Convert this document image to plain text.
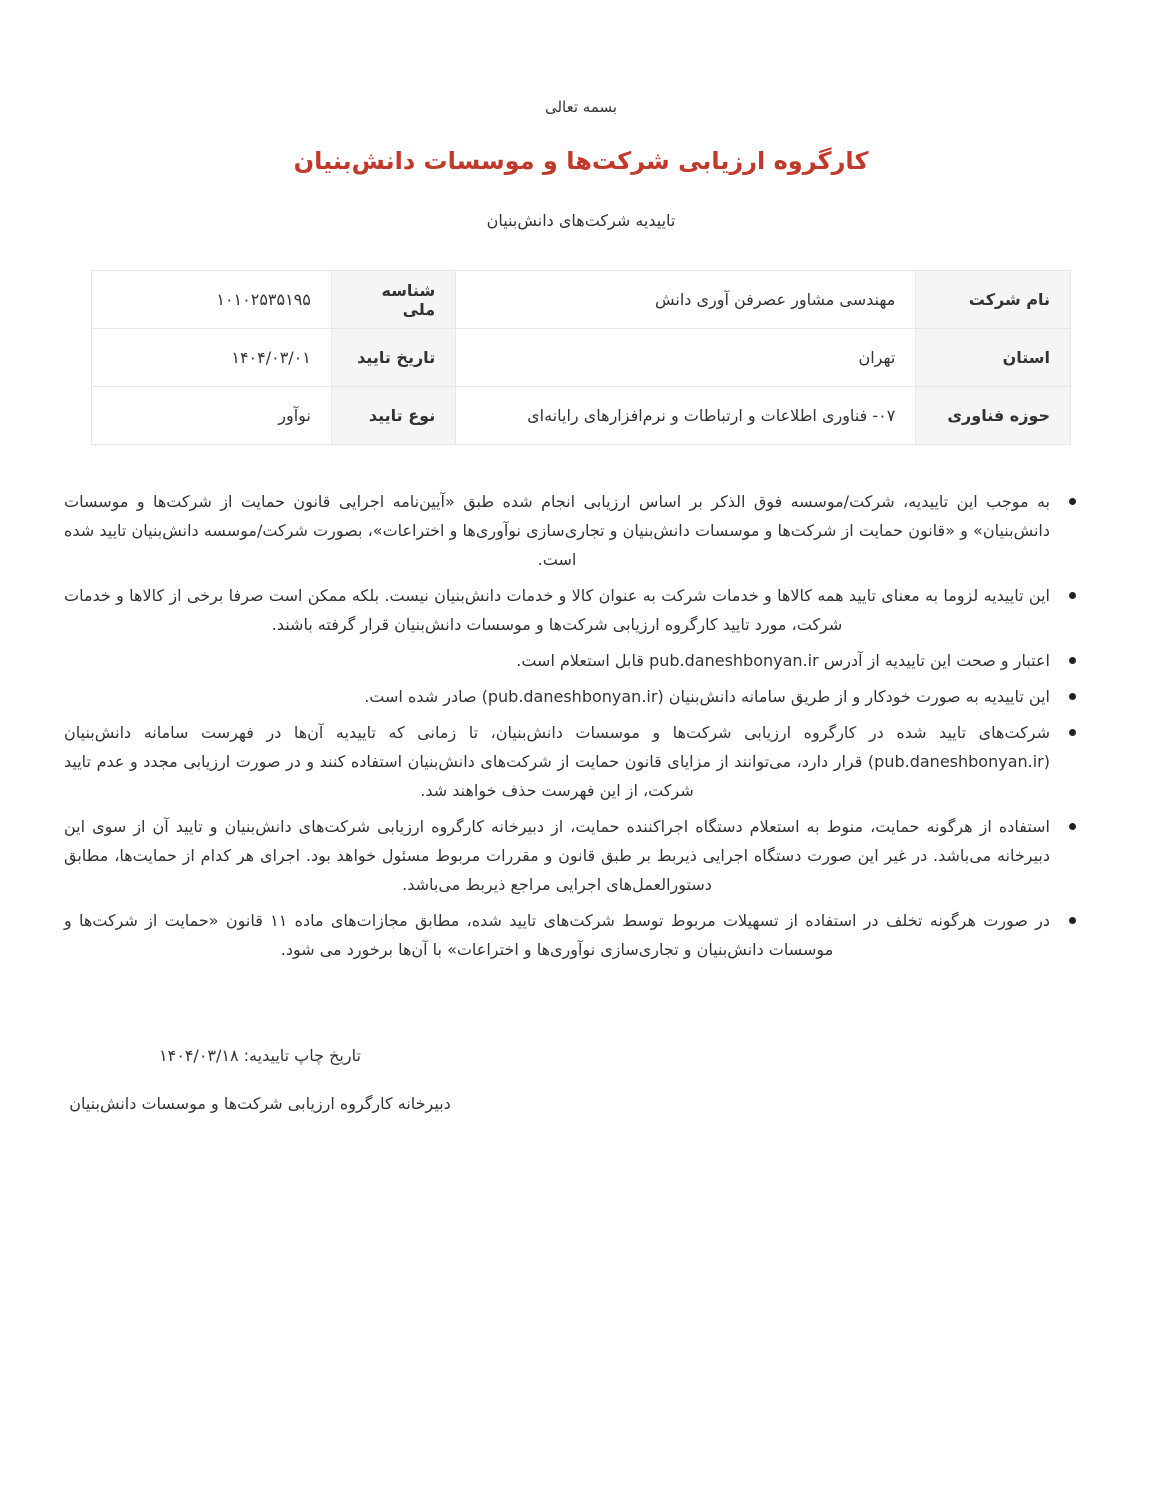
بسمه تعالی
کارگروه ارزیابی شرکت‌ها و موسسات دانش‌بنیان
تاییدیه شرکت‌های دانش‌بنیان
نام شرکت	مهندسی مشاور عصرفن آوری دانش	شناسه ملی	۱۰۱۰۲۵۳۵۱۹۵
استان	تهران	تاریخ تایید	۱۴۰۴/۰۳/۰۱
حوزه فناوری	۰۷- فناوری اطلاعات و ارتباطات و نرم‌افزارهای رایانه‌ای	نوع تایید	نوآور
به موجب این تاییدیه، شرکت/موسسه فوق الذکر بر اساس ارزیابی انجام شده طبق «آیین‌نامه اجرایی قانون حمایت از شرکت‌ها و موسسات دانش‌بنیان» و «قانون حمایت از شرکت‌ها و موسسات دانش‌بنیان و تجاری‌سازی نوآوری‌ها و اختراعات»، بصورت شرکت/موسسه دانش‌بنیان تایید شده است.
این تاییدیه لزوما به معنای تایید همه کالاها و خدمات شرکت به عنوان کالا و خدمات دانش‌بنیان نیست. بلکه ممکن است صرفا برخی از کالاها و خدمات شرکت، مورد تایید کارگروه ارزیابی شرکت‌ها و موسسات دانش‌بنیان قرار گرفته باشند.
اعتبار و صحت این تاییدیه از آدرس pub.daneshbonyan.ir قابل استعلام است.
این تاییدیه به صورت خودکار و از طریق سامانه دانش‌بنیان (pub.daneshbonyan.ir) صادر شده است.
شرکت‌های تایید شده در کارگروه ارزیابی شرکت‌ها و موسسات دانش‌بنیان، تا زمانی که تاییدیه آن‌ها در فهرست سامانه دانش‌بنیان (pub.daneshbonyan.ir) قرار دارد، می‌توانند از مزایای قانون حمایت از شرکت‌های دانش‌بنیان استفاده کنند و در صورت ارزیابی مجدد و عدم تایید شرکت، از این فهرست حذف خواهند شد.
استفاده از هرگونه حمایت، منوط به استعلام دستگاه اجراکننده حمایت، از دبیرخانه کارگروه ارزیابی شرکت‌های دانش‌بنیان و تایید آن از سوی این دبیرخانه می‌باشد. در غیر این صورت دستگاه اجرایی ذیربط بر طبق قانون و مقررات مربوط مسئول خواهد بود. اجرای هر کدام از حمایت‌ها، مطابق دستورالعمل‌های اجرایی مراجع ذیربط می‌باشد.
در صورت هرگونه تخلف در استفاده از تسهیلات مربوط توسط شرکت‌های تایید شده، مطابق مجازات‌های ماده ۱۱ قانون «حمایت از شرکت‌ها و موسسات دانش‌بنیان و تجاری‌سازی نوآوری‌ها و اختراعات» با آن‌ها برخورد می شود.
تاریخ چاپ تاییدیه: ۱۴۰۴/۰۳/۱۸
دبیرخانه کارگروه ارزیابی شرکت‌ها و موسسات دانش‌بنیان
